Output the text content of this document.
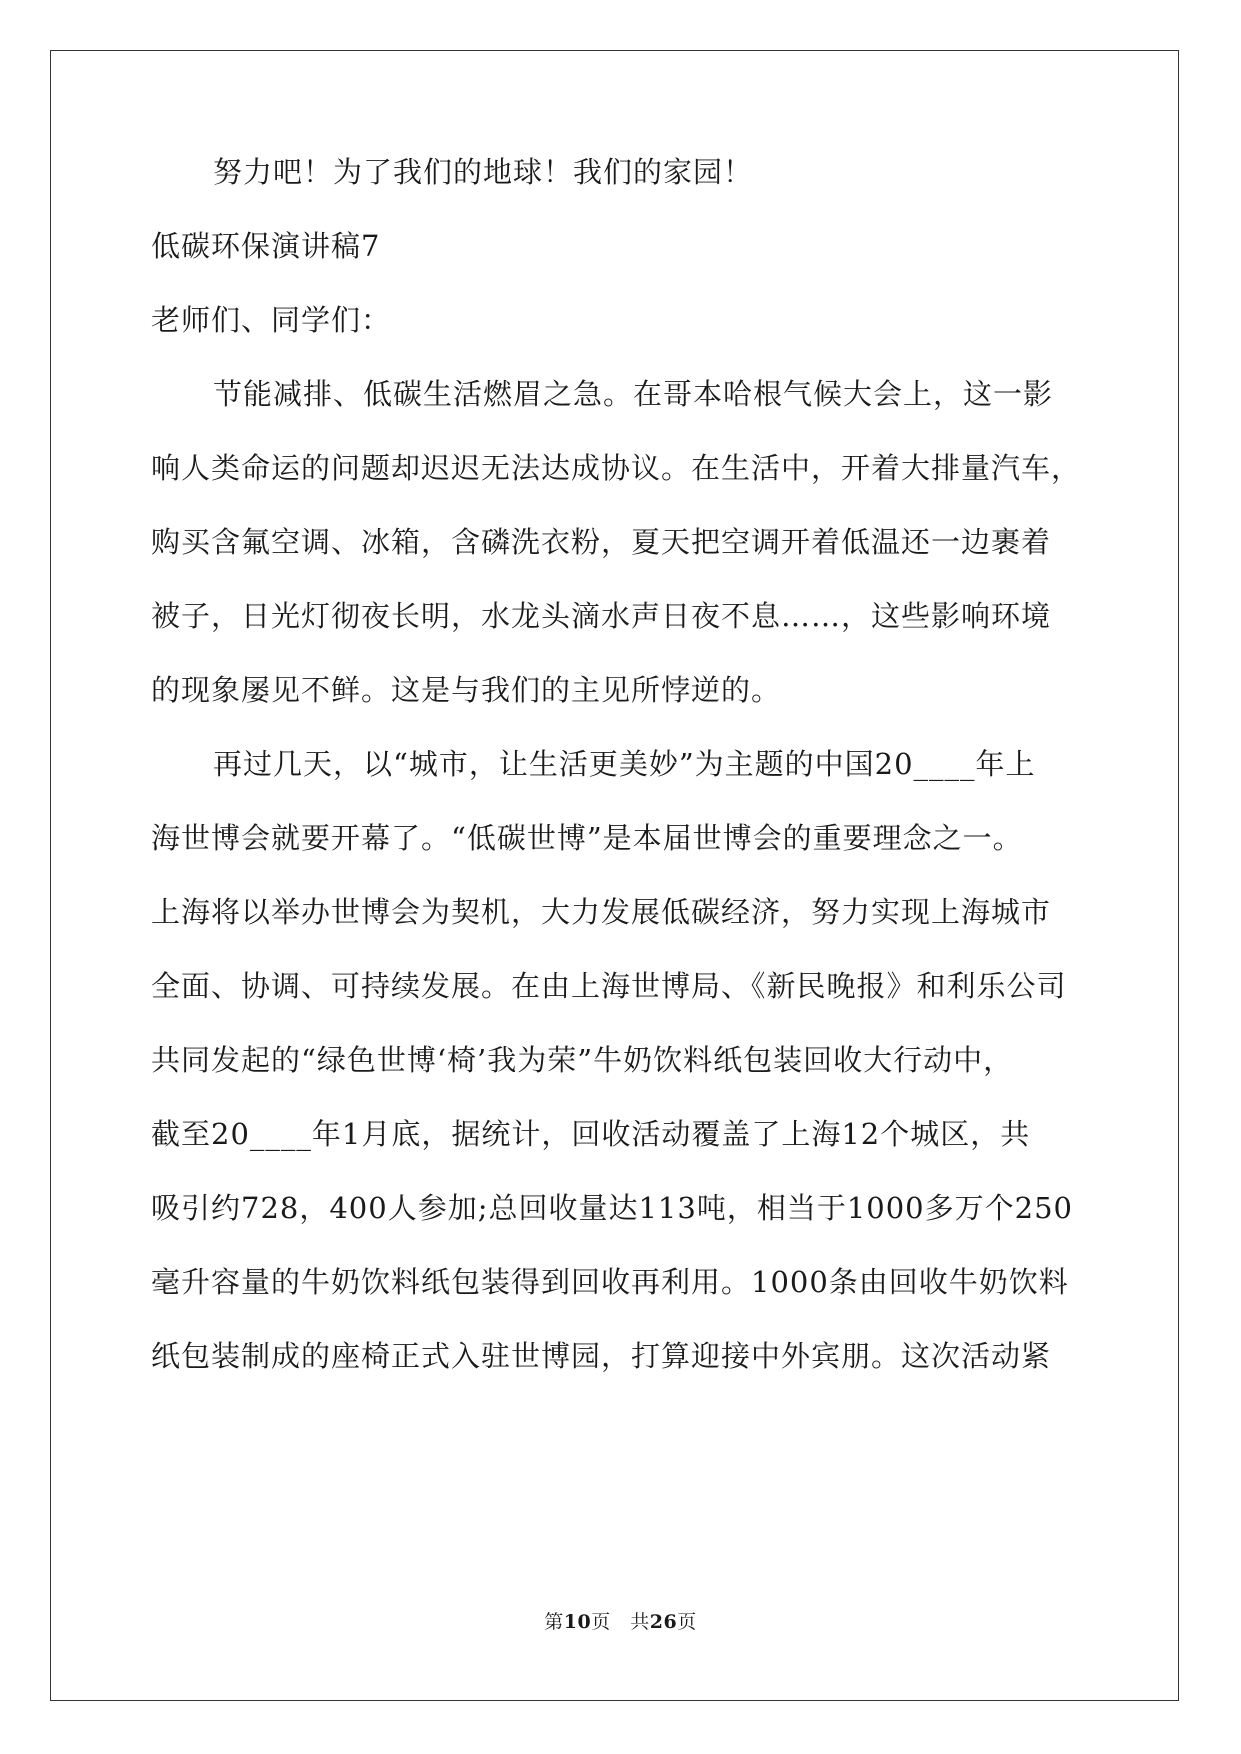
努力吧！为了我们的地球！我们的家园！
低碳环保演讲稿7
老师们、同学们：
节能减排、低碳生活燃眉之急。在哥本哈根气候大会上，这一影
响人类命运的问题却迟迟无法达成协议。在生活中，开着大排量汽车，
购买含氟空调、冰箱，含磷洗衣粉，夏天把空调开着低温还一边裹着
被子，日光灯彻夜长明，水龙头滴水声日夜不息……，这些影响环境
的现象屡见不鲜。这是与我们的主见所悖逆的。
再过几天，以“城市，让生活更美妙”为主题的中国20____年上
海世博会就要开幕了。“低碳世博”是本届世博会的重要理念之一。
上海将以举办世博会为契机，大力发展低碳经济，努力实现上海城市
全面、协调、可持续发展。在由上海世博局、《新民晚报》和利乐公司
共同发起的“绿色世博‘椅’我为荣”牛奶饮料纸包装回收大行动中，
截至20____年1月底，据统计，回收活动覆盖了上海12个城区，共
吸引约728，400人参加;总回收量达113吨，相当于1000多万个250
毫升容量的牛奶饮料纸包装得到回收再利用。1000条由回收牛奶饮料
纸包装制成的座椅正式入驻世博园，打算迎接中外宾朋。这次活动紧
第10页　共26页
